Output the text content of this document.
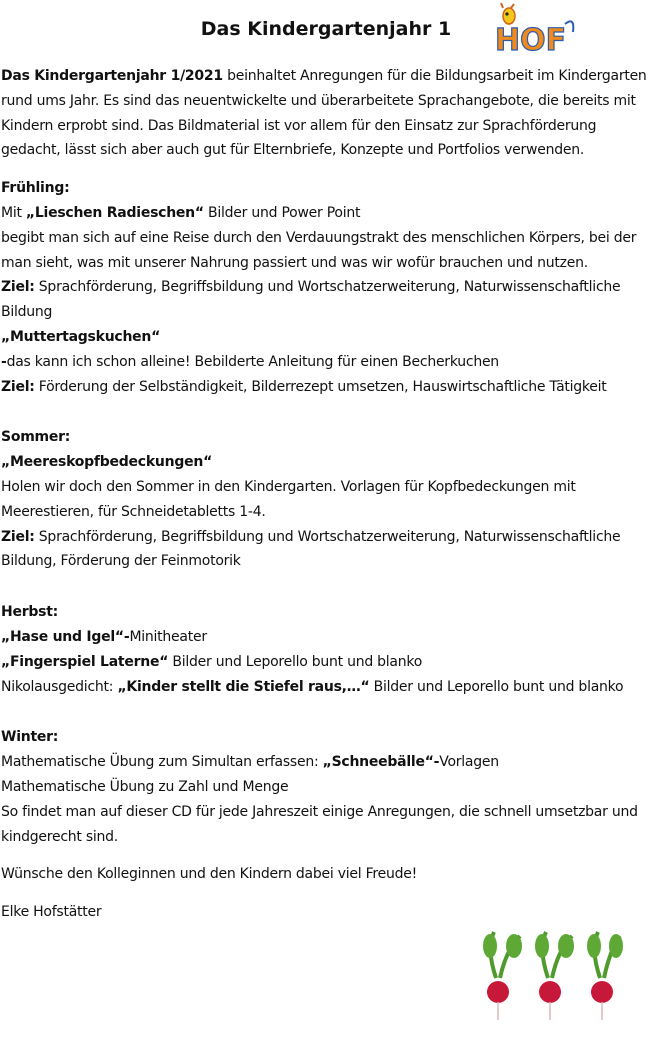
Das Kindergartenjahr 1	HOF

Das Kindergartenjahr 1/2021 beinhaltet Anregungen für die Bildungsarbeit im Kindergarten rund ums Jahr. Es sind das neuentwickelte und überarbeitete Sprachangebote, die bereits mit Kindern erprobt sind. Das Bildmaterial ist vor allem für den Einsatz zur Sprachförderung gedacht, lässt sich aber auch gut für Elternbriefe, Konzepte und Portfolios verwenden.

Frühling:

Mit „Lieschen Radieschen“ Bilder und Power Point

begibt man sich auf eine Reise durch den Verdauungstrakt des menschlichen Körpers, bei der man sieht, was mit unserer Nahrung passiert und was wir wofür brauchen und nutzen.

Ziel: Sprachförderung, Begriffsbildung und Wortschatzerweiterung, Naturwissenschaftliche Bildung

„Muttertagskuchen“

-das kann ich schon alleine! Bebilderte Anleitung für einen Becherkuchen

Ziel: Förderung der Selbständigkeit, Bilderrezept umsetzen, Hauswirtschaftliche Tätigkeit

Sommer:

„Meereskopfbedeckungen“

Holen wir doch den Sommer in den Kindergarten. Vorlagen für Kopfbedeckungen mit Meerestieren, für Schneidetabletts 1-4.

Ziel: Sprachförderung, Begriffsbildung und Wortschatzerweiterung, Naturwissenschaftliche Bildung, Förderung der Feinmotorik

Herbst:

„Hase und Igel“-Minitheater

„Fingerspiel Laterne“ Bilder und Leporello bunt und blanko

Nikolausgedicht: „Kinder stellt die Stiefel raus,…“ Bilder und Leporello bunt und blanko

Winter:

Mathematische Übung zum Simultan erfassen: „Schneebälle“-Vorlagen

Mathematische Übung zu Zahl und Menge

So findet man auf dieser CD für jede Jahreszeit einige Anregungen, die schnell umsetzbar und kindgerecht sind.

Wünsche den Kolleginnen und den Kindern dabei viel Freude!

Elke Hofstätter
